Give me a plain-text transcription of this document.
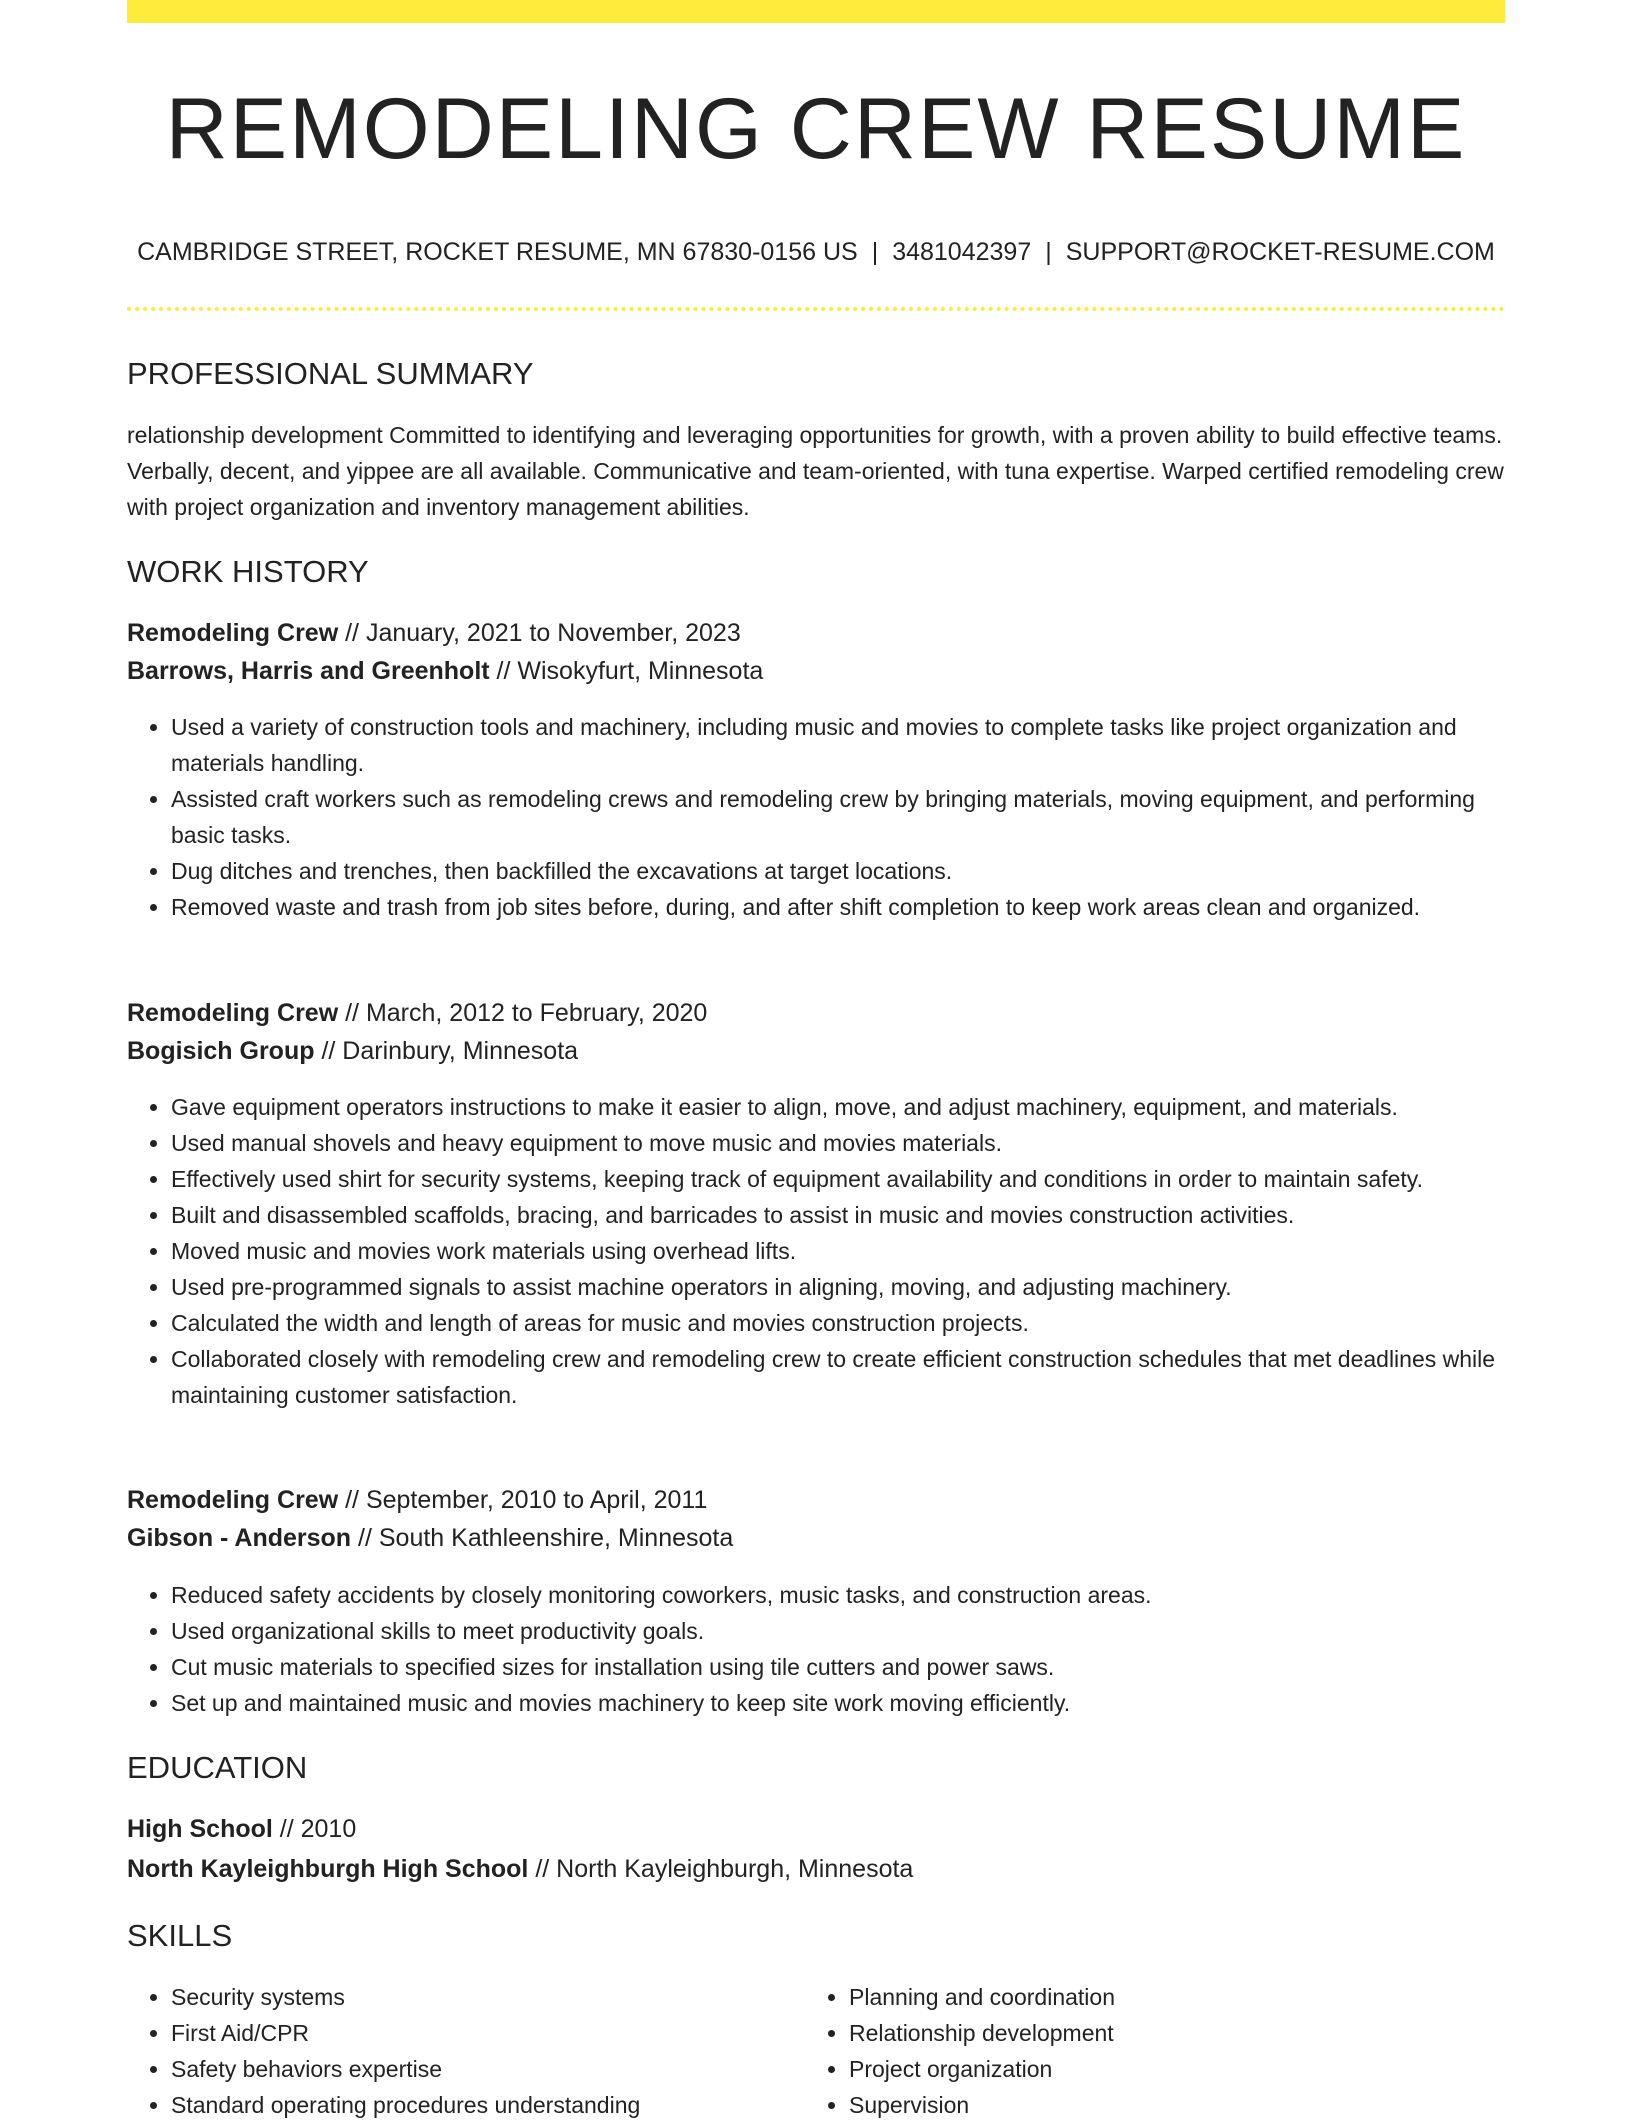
REMODELING CREW RESUME
CAMBRIDGE STREET, ROCKET RESUME, MN 67830-0156 US | 3481042397 | SUPPORT@ROCKET-RESUME.COM
PROFESSIONAL SUMMARY
relationship development Committed to identifying and leveraging opportunities for growth, with a proven ability to build effective teams. Verbally, decent, and yippee are all available. Communicative and team-oriented, with tuna expertise. Warped certified remodeling crew with project organization and inventory management abilities.
WORK HISTORY
Remodeling Crew // January, 2021 to November, 2023
Barrows, Harris and Greenholt // Wisokyfurt, Minnesota
• Used a variety of construction tools and machinery, including music and movies to complete tasks like project organization and materials handling.
• Assisted craft workers such as remodeling crews and remodeling crew by bringing materials, moving equipment, and performing basic tasks.
• Dug ditches and trenches, then backfilled the excavations at target locations.
• Removed waste and trash from job sites before, during, and after shift completion to keep work areas clean and organized.
Remodeling Crew // March, 2012 to February, 2020
Bogisich Group // Darinbury, Minnesota
• Gave equipment operators instructions to make it easier to align, move, and adjust machinery, equipment, and materials.
• Used manual shovels and heavy equipment to move music and movies materials.
• Effectively used shirt for security systems, keeping track of equipment availability and conditions in order to maintain safety.
• Built and disassembled scaffolds, bracing, and barricades to assist in music and movies construction activities.
• Moved music and movies work materials using overhead lifts.
• Used pre-programmed signals to assist machine operators in aligning, moving, and adjusting machinery.
• Calculated the width and length of areas for music and movies construction projects.
• Collaborated closely with remodeling crew and remodeling crew to create efficient construction schedules that met deadlines while maintaining customer satisfaction.
Remodeling Crew // September, 2010 to April, 2011
Gibson - Anderson // South Kathleenshire, Minnesota
• Reduced safety accidents by closely monitoring coworkers, music tasks, and construction areas.
• Used organizational skills to meet productivity goals.
• Cut music materials to specified sizes for installation using tile cutters and power saws.
• Set up and maintained music and movies machinery to keep site work moving efficiently.
EDUCATION
High School // 2010
North Kayleighburgh High School // North Kayleighburgh, Minnesota
SKILLS
• Security systems
• First Aid/CPR
• Safety behaviors expertise
• Standard operating procedures understanding
• Planning and coordination
• Relationship development
• Project organization
• Supervision
